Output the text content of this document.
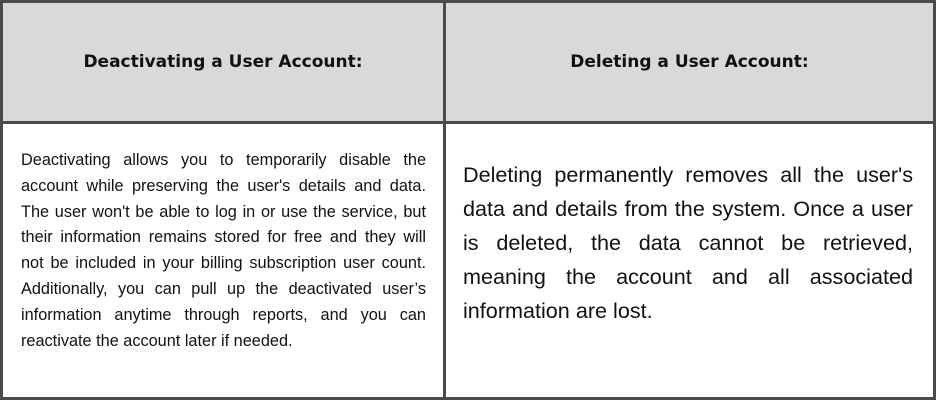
Deactivating a User Account:	Deleting a User Account:

Deactivating allows you to temporarily disable the account while preserving the user's details and data. The user won't be able to log in or use the service, but their information remains stored for free and they will not be included in your billing subscription user count. Additionally, you can pull up the deactivated user’s information anytime through reports, and you can reactivate the account later if needed.

Deleting permanently removes all the user's data and details from the system. Once a user is deleted, the data cannot be retrieved, meaning the account and all associated information are lost.
